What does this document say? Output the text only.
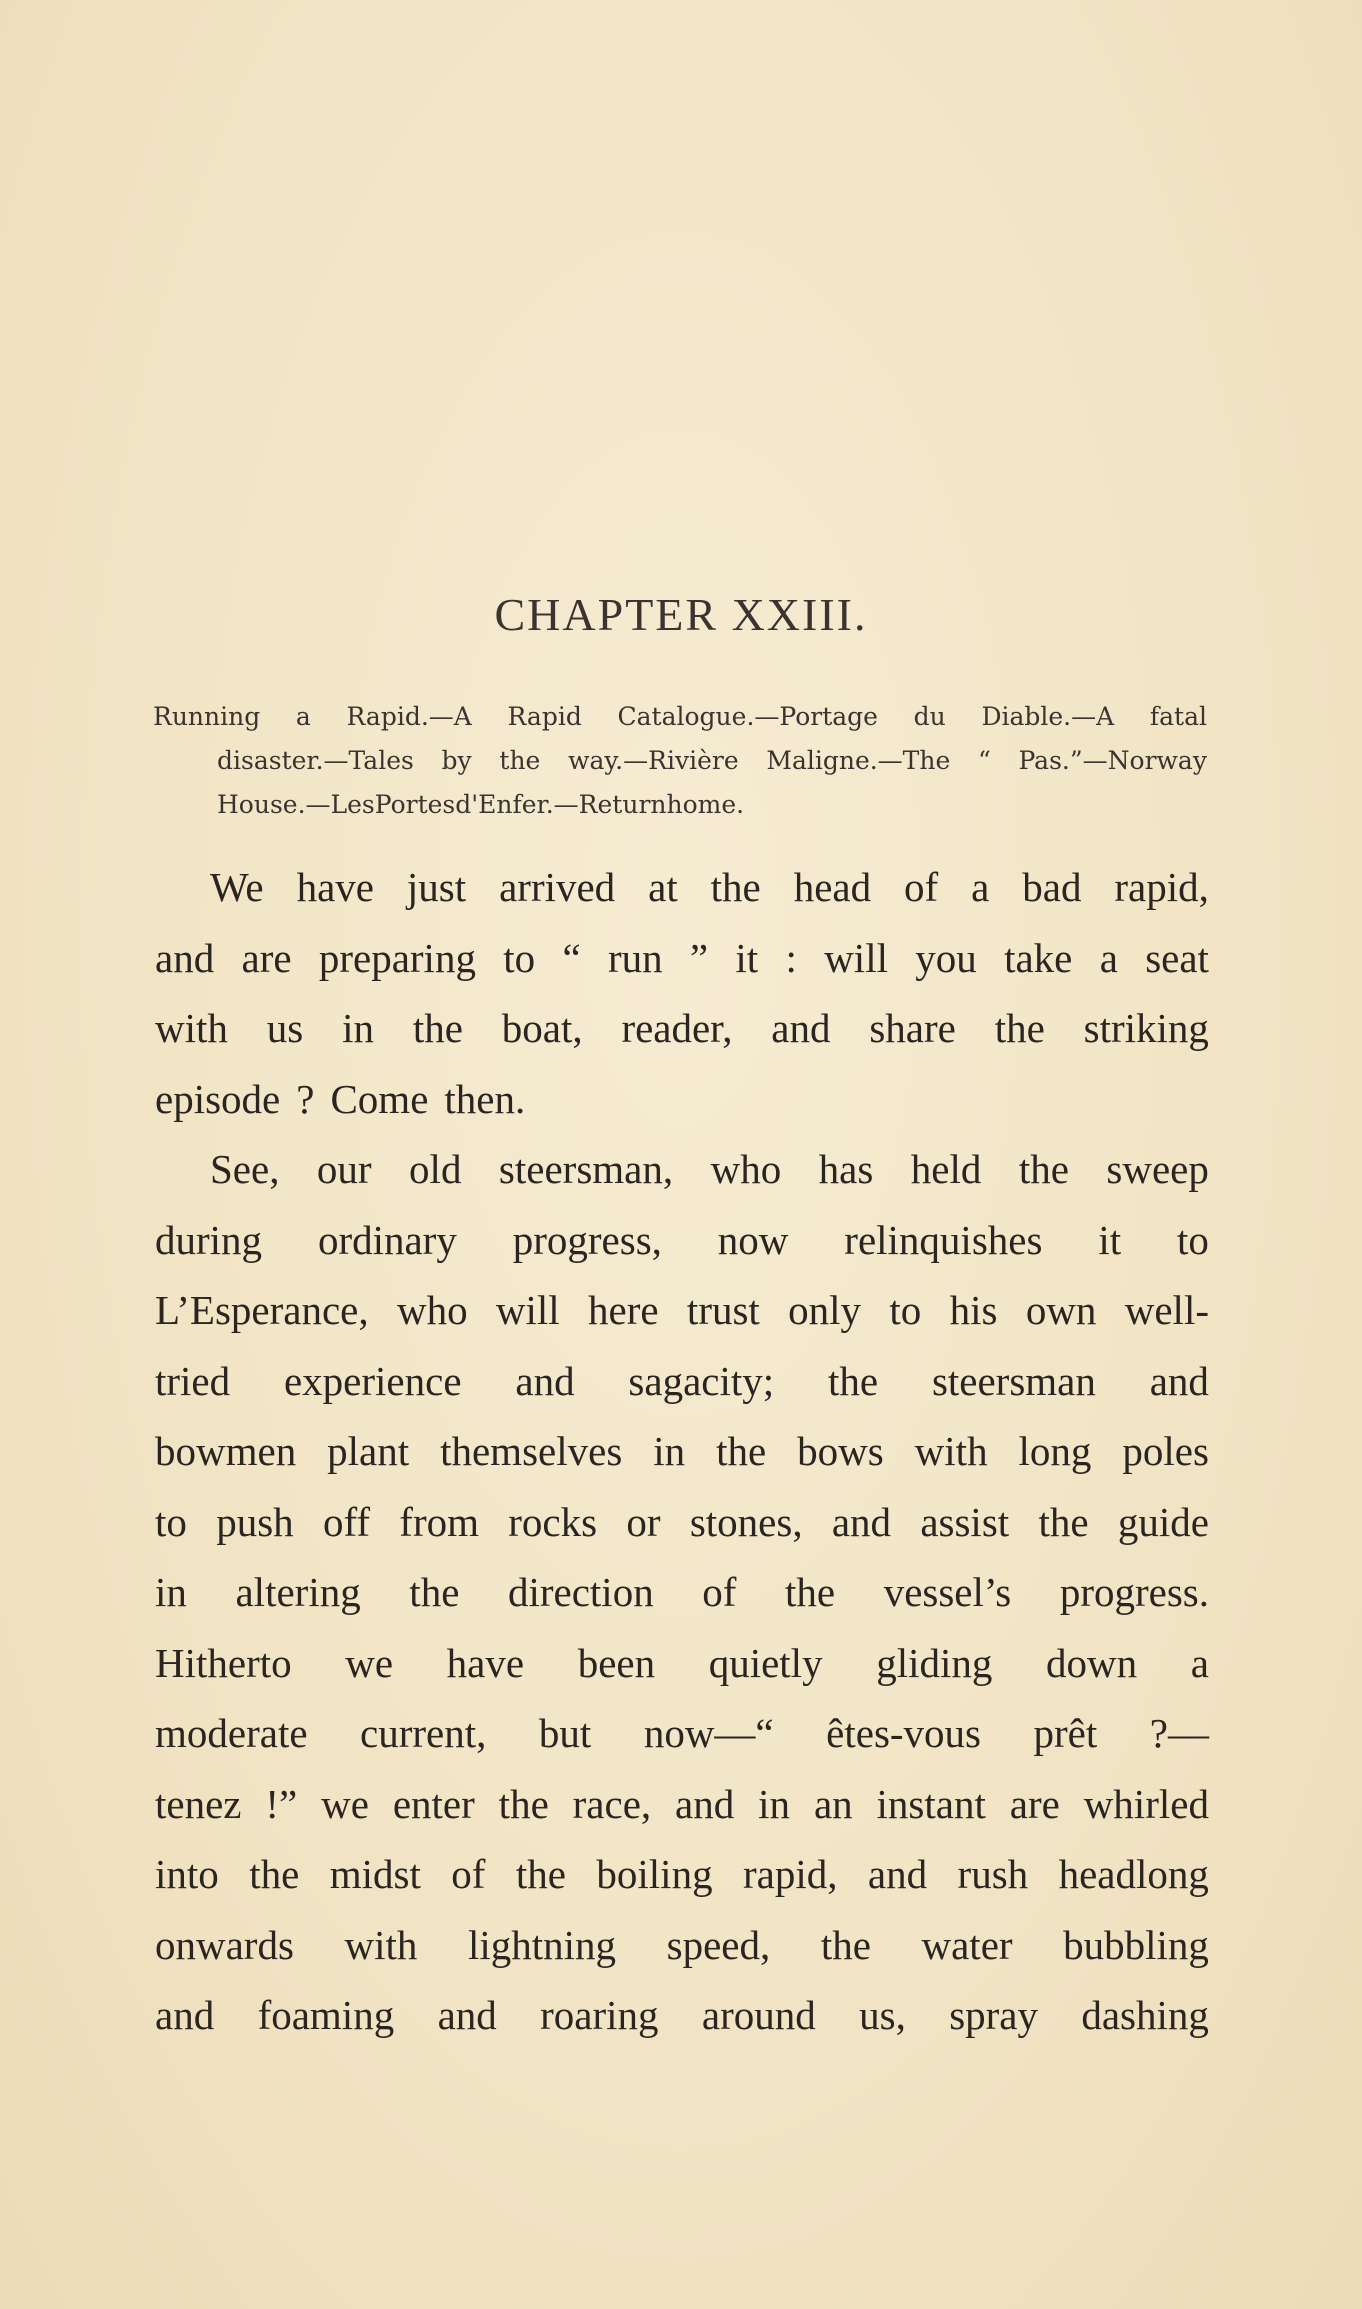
CHAPTER XXIII.
Running a Rapid.—A Rapid Catalogue.—Portage du Diable.—A fatal
disaster.—Tales by the way.—Rivière Maligne.—The “ Pas.”—Norway
House.— Les Portes d'Enfer.—Return home.
We have just arrived at the head of a bad rapid,
and are preparing to “ run ” it : will you take a seat
with us in the boat, reader, and share the striking
episode ? Come then.
See, our old steersman, who has held the sweep
during ordinary progress, now relinquishes it to
L’Esperance, who will here trust only to his own well-
tried experience and sagacity; the steersman and
bowmen plant themselves in the bows with long poles
to push off from rocks or stones, and assist the guide
in altering the direction of the vessel’s progress.
Hitherto we have been quietly gliding down a
moderate current, but now—“ êtes-vous prêt ?—
tenez !” we enter the race, and in an instant are whirled
into the midst of the boiling rapid, and rush headlong
onwards with lightning speed, the water bubbling
and foaming and roaring around us, spray dashing
